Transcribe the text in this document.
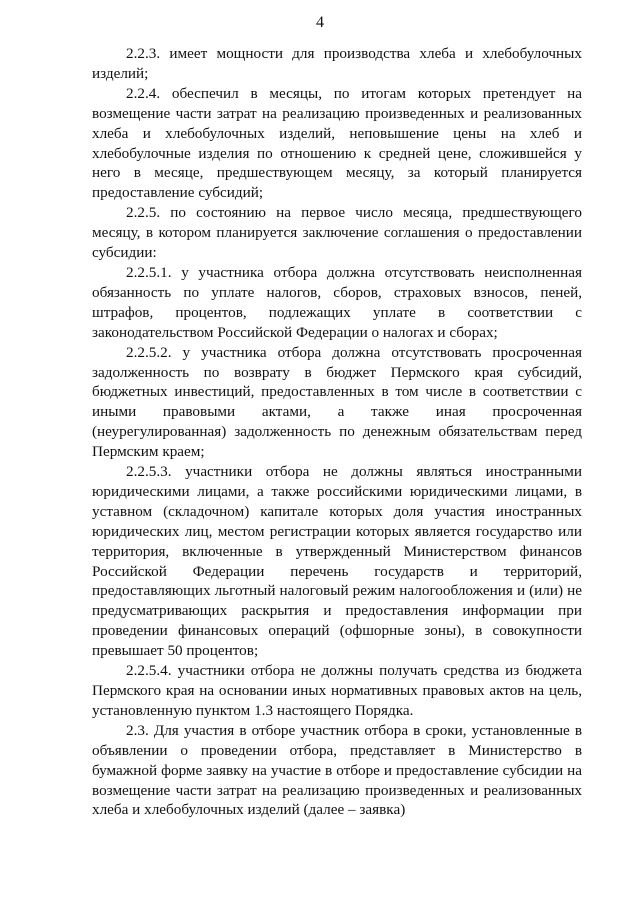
4

2.2.3. имеет мощности для производства хлеба и хлебобулочных изделий;

2.2.4. обеспечил в месяцы, по итогам которых претендует на возмещение части затрат на реализацию произведенных и реализованных хлеба и хлебобулочных изделий, неповышение цены на хлеб и хлебобулочные изделия по отношению к средней цене, сложившейся у него в месяце, предшествующем месяцу, за который планируется предоставление субсидий;

2.2.5. по состоянию на первое число месяца, предшествующего месяцу, в котором планируется заключение соглашения о предоставлении субсидии:

2.2.5.1. у участника отбора должна отсутствовать неисполненная обязанность по уплате налогов, сборов, страховых взносов, пеней, штрафов, процентов, подлежащих уплате в соответствии с законодательством Российской Федерации о налогах и сборах;

2.2.5.2. у участника отбора должна отсутствовать просроченная задолженность по возврату в бюджет Пермского края субсидий, бюджетных инвестиций, предоставленных в том числе в соответствии с иными правовыми актами, а также иная просроченная (неурегулированная) задолженность по денежным обязательствам перед Пермским краем;

2.2.5.3. участники отбора не должны являться иностранными юридическими лицами, а также российскими юридическими лицами, в уставном (складочном) капитале которых доля участия иностранных юридических лиц, местом регистрации которых является государство или территория, включенные в утвержденный Министерством финансов Российской Федерации перечень государств и территорий, предоставляющих льготный налоговый режим налогообложения и (или) не предусматривающих раскрытия и предоставления информации при проведении финансовых операций (офшорные зоны), в совокупности превышает 50 процентов;

2.2.5.4. участники отбора не должны получать средства из бюджета Пермского края на основании иных нормативных правовых актов на цель, установленную пунктом 1.3 настоящего Порядка.

2.3. Для участия в отборе участник отбора в сроки, установленные в объявлении о проведении отбора, представляет в Министерство в бумажной форме заявку на участие в отборе и предоставление субсидии на возмещение части затрат на реализацию произведенных и реализованных хлеба и хлебобулочных изделий (далее – заявка)
